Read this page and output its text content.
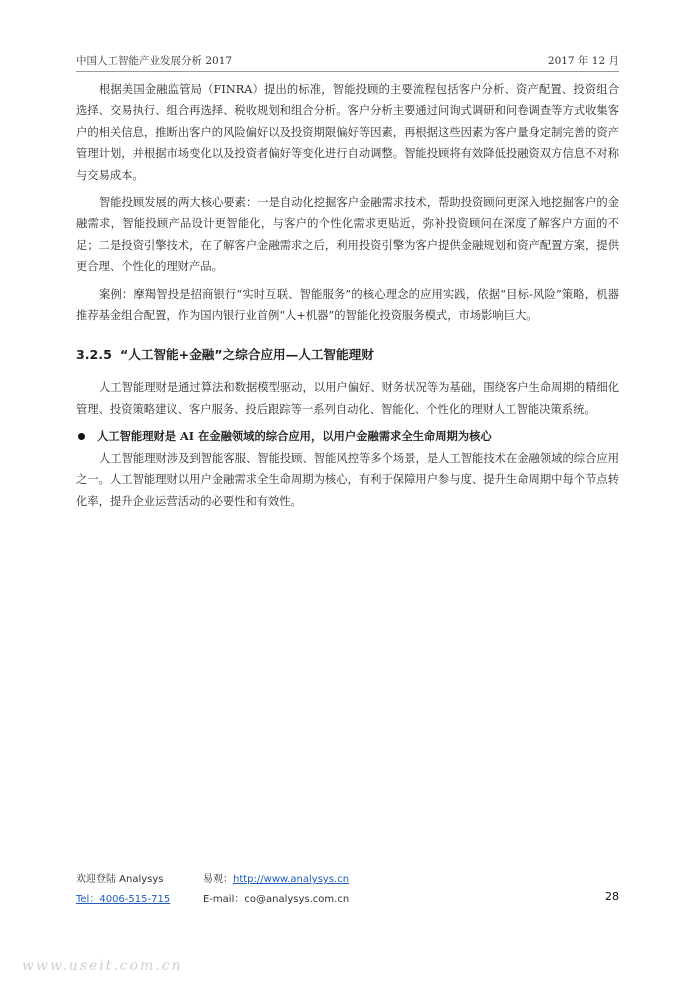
中国人工智能产业发展分析 2017	2017 年 12 月

根据美国金融监管局（FINRA）提出的标准，智能投顾的主要流程包括客户分析、资产配置、投资组合选择、交易执行、组合再选择、税收规划和组合分析。客户分析主要通过问询式调研和问卷调查等方式收集客户的相关信息，推断出客户的风险偏好以及投资期限偏好等因素，再根据这些因素为客户量身定制完善的资产管理计划，并根据市场变化以及投资者偏好等变化进行自动调整。智能投顾将有效降低投融资双方信息不对称与交易成本。

智能投顾发展的两大核心要素：一是自动化挖掘客户金融需求技术，帮助投资顾问更深入地挖掘客户的金融需求，智能投顾产品设计更智能化，与客户的个性化需求更贴近，弥补投资顾问在深度了解客户方面的不足；二是投资引擎技术，在了解客户金融需求之后，利用投资引擎为客户提供金融规划和资产配置方案，提供更合理、个性化的理财产品。

案例：摩羯智投是招商银行“实时互联、智能服务”的核心理念的应用实践，依据“目标-风险”策略，机器推荐基金组合配置，作为国内银行业首例“人+机器”的智能化投资服务模式，市场影响巨大。

3.2.5 “人工智能+金融”之综合应用—人工智能理财

人工智能理财是通过算法和数据模型驱动，以用户偏好、财务状况等为基础，围绕客户生命周期的精细化管理、投资策略建议、客户服务、投后跟踪等一系列自动化、智能化、个性化的理财人工智能决策系统。

人工智能理财是 AI 在金融领域的综合应用，以用户金融需求全生命周期为核心

人工智能理财涉及到智能客服、智能投顾、智能风控等多个场景，是人工智能技术在金融领域的综合应用之一。人工智能理财以用户金融需求全生命周期为核心，有利于保障用户参与度、提升生命周期中每个节点转化率，提升企业运营活动的必要性和有效性。

欢迎登陆 Analysys	易观：http://www.analysys.cn
Tel：4006-515-715	E-mail：co@analysys.com.cn	28
www.useit.com.cn
